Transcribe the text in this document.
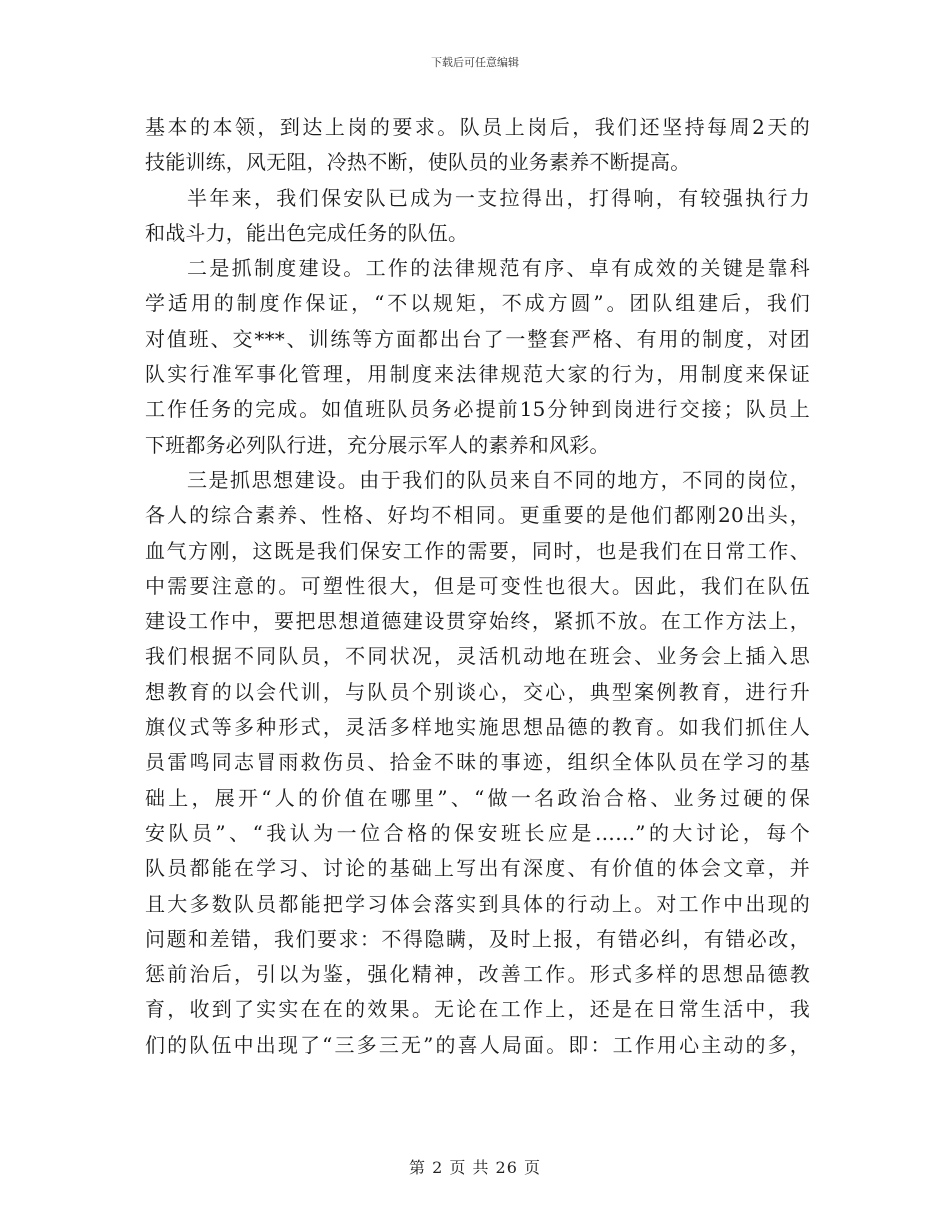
下载后可任意编辑
基本的本领，到达上岗的要求。队员上岗后，我们还坚持每周2天的
技能训练，风无阻，冷热不断，使队员的业务素养不断提高。
半年来，我们保安队已成为一支拉得出，打得响，有较强执行力
和战斗力，能出色完成任务的队伍。
二是抓制度建设。工作的法律规范有序、卓有成效的关键是靠科
学适用的制度作保证，“不以规矩，不成方圆”。团队组建后，我们
对值班、交***、训练等方面都出台了一整套严格、有用的制度，对团
队实行准军事化管理，用制度来法律规范大家的行为，用制度来保证
工作任务的完成。如值班队员务必提前15分钟到岗进行交接；队员上
下班都务必列队行进，充分展示军人的素养和风彩。
三是抓思想建设。由于我们的队员来自不同的地方，不同的岗位，
各人的综合素养、性格、好均不相同。更重要的是他们都刚20出头，
血气方刚，这既是我们保安工作的需要，同时，也是我们在日常工作、
中需要注意的。可塑性很大，但是可变性也很大。因此，我们在队伍
建设工作中，要把思想道德建设贯穿始终，紧抓不放。在工作方法上，
我们根据不同队员，不同状况，灵活机动地在班会、业务会上插入思
想教育的以会代训，与队员个别谈心，交心，典型案例教育，进行升
旗仪式等多种形式，灵活多样地实施思想品德的教育。如我们抓住人
员雷鸣同志冒雨救伤员、拾金不昧的事迹，组织全体队员在学习的基
础上，展开“人的价值在哪里”、“做一名政治合格、业务过硬的保
安队员”、“我认为一位合格的保安班长应是……”的大讨论，每个
队员都能在学习、讨论的基础上写出有深度、有价值的体会文章，并
且大多数队员都能把学习体会落实到具体的行动上。对工作中出现的
问题和差错，我们要求：不得隐瞒，及时上报，有错必纠，有错必改，
惩前治后，引以为鉴，强化精神，改善工作。形式多样的思想品德教
育，收到了实实在在的效果。无论在工作上，还是在日常生活中，我
们的队伍中出现了“三多三无”的喜人局面。即：工作用心主动的多，
第 2 页 共 26 页
